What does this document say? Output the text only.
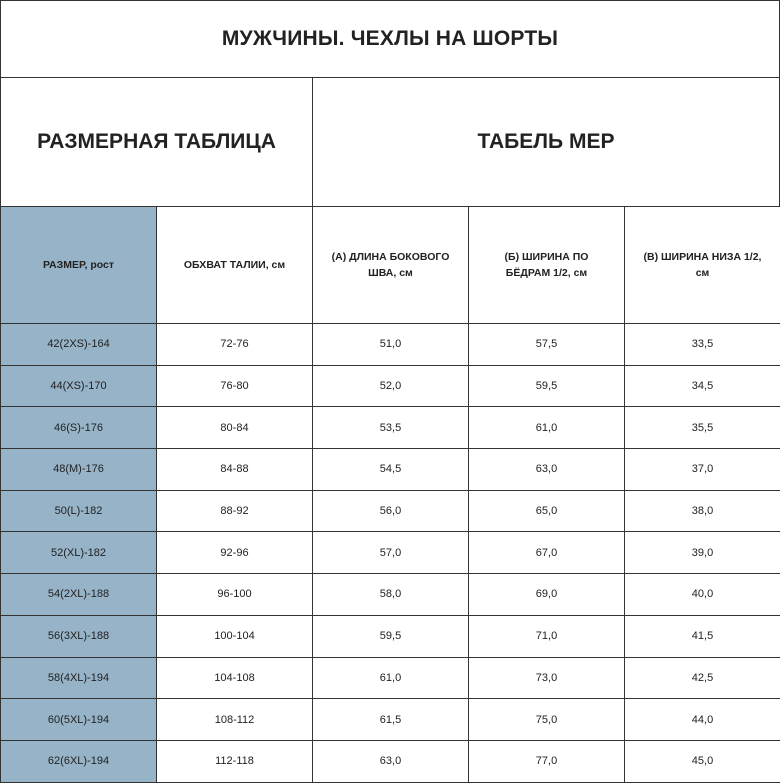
МУЖЧИНЫ. ЧЕХЛЫ НА ШОРТЫ
РАЗМЕРНАЯ ТАБЛИЦА	ТАБЕЛЬ МЕР
РАЗМЕР, рост	ОБХВАТ ТАЛИИ, см	(А) ДЛИНА БОКОВОГО ШВА, см	(Б) ШИРИНА ПО БЁДРАМ 1/2, см	(В) ШИРИНА НИЗА 1/2, см
42(2XS)-164	72-76	51,0	57,5	33,5
44(XS)-170	76-80	52,0	59,5	34,5
46(S)-176	80-84	53,5	61,0	35,5
48(M)-176	84-88	54,5	63,0	37,0
50(L)-182	88-92	56,0	65,0	38,0
52(XL)-182	92-96	57,0	67,0	39,0
54(2XL)-188	96-100	58,0	69,0	40,0
56(3XL)-188	100-104	59,5	71,0	41,5
58(4XL)-194	104-108	61,0	73,0	42,5
60(5XL)-194	108-112	61,5	75,0	44,0
62(6XL)-194	112-118	63,0	77,0	45,0
